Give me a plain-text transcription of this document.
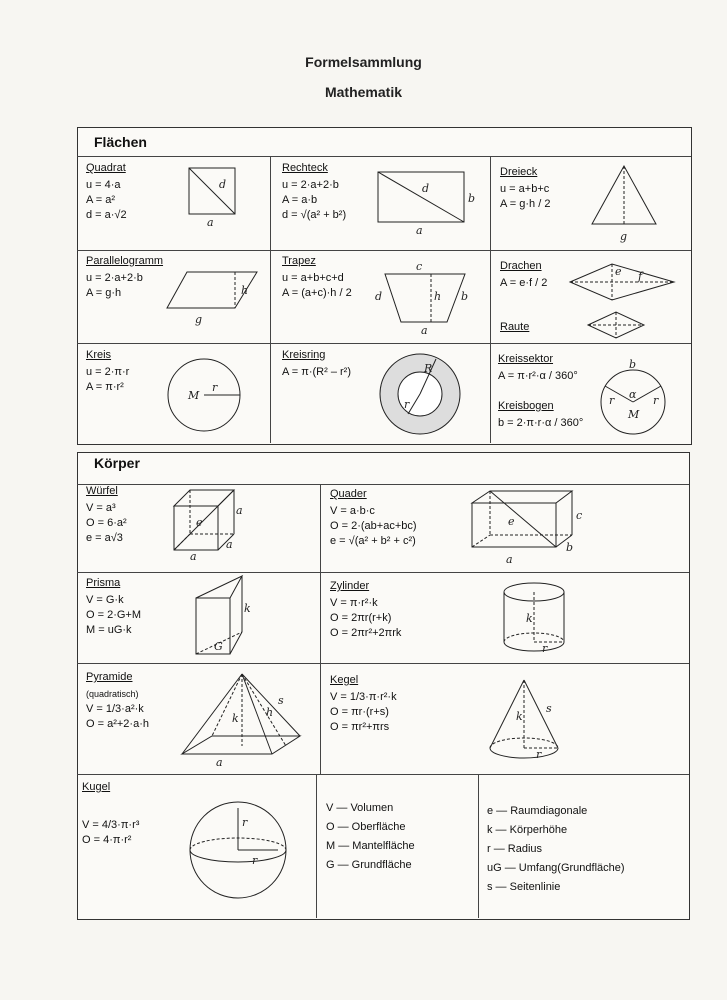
Formelsammlung
Mathematik
Flächen
Quadrat
u = 4·a
A = a²
d = a·√2
d
a
Rechteck
u = 2·a+2·b
A = a·b
d = √(a² + b²)
d
b
a
Dreieck
u = a+b+c
A = g·h / 2
g
Parallelogramm
u = 2·a+2·b
A = g·h	h
g
Trapez
u = a+b+c+d
A = (a+c)·h / 2
c
d	h b
a
Drachen
A = e·f / 2
Raute
e f
Kreis
u = 2·π·r
A = π·r²
M
r
Kreisring
A = π·(R² – r²)	R
r
Kreissektor
A = π·r²·α / 360°
Kreisbogen
b = 2·π·r·α / 360°
b
α
r	r
M
Körper
Würfel
V = a³
O = 6·a²
e = a√3
e
a
a
a
Quader
V = a·b·c
O = 2·(ab+ac+bc)
e = √(a² + b² + c²)
e	c
b
a
Prisma
V = G·k
O = 2·G+M
M = uG·k
k
G
Zylinder
V = π·r²·k
O = 2πr(r+k)
O = 2πr²+2πrk
k
r
Pyramide
(quadratisch)
V = 1/3·a²·k
O = a²+2·a·h	k h
s
a
Kegel
V = 1/3·π·r²·k
O = πr·(r+s)
O = πr²+πrs
k
s
r
Kugel
V = 4/3·π·r³
O = 4·π·r²
r
r
V — Volumen
O — Oberfläche
M — Mantelfläche
G — Grundfläche
e — Raumdiagonale
k — Körperhöhe
r — Radius
uG — Umfang(Grundfläche)
s — Seitenlinie
